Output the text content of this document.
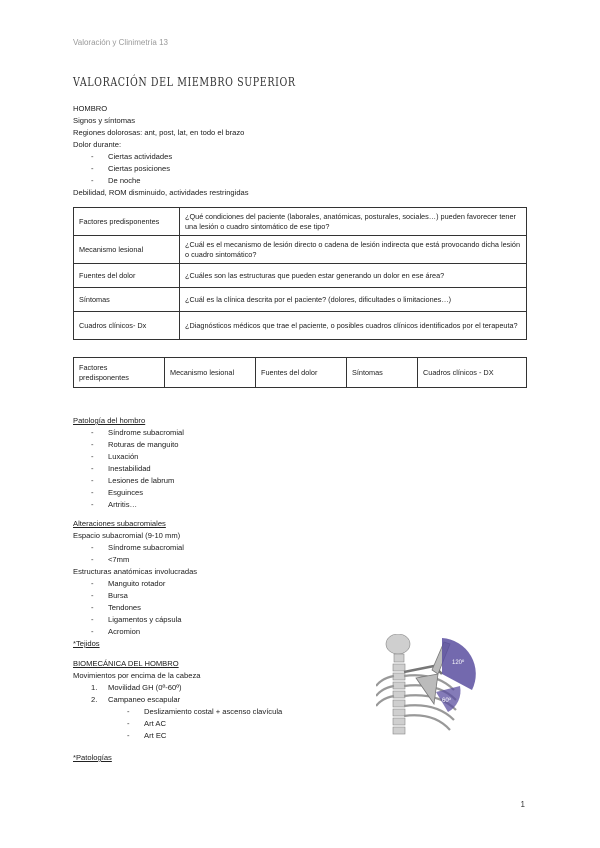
Valoración y Clinimetría 13
VALORACIÓN DEL MIEMBRO SUPERIOR
HOMBRO
Signos y síntomas
Regiones dolorosas: ant, post, lat, en todo el brazo
Dolor durante:
- Ciertas actividades
- Ciertas posiciones
- De noche
Debilidad, ROM disminuido, actividades restringidas
Factores predisponentes	¿Qué condiciones del paciente (laborales, anatómicas, posturales, sociales…) pueden favorecer tener una lesión o cuadro sintomático de ese tipo?
Mecanismo lesional	¿Cuál es el mecanismo de lesión directo o cadena de lesión indirecta que está provocando dicha lesión o cuadro sintomático?
Fuentes del dolor	¿Cuáles son las estructuras que pueden estar generando un dolor en ese área?
Síntomas	¿Cuál es la clínica descrita por el paciente? (dolores, dificultades o limitaciones…)
Cuadros clínicos- Dx	¿Diagnósticos médicos que trae el paciente, o posibles cuadros clínicos identificados por el terapeuta?
Factores predisponentes	Mecanismo lesional	Fuentes del dolor	Síntomas	Cuadros clínicos - DX
Patología del hombro
- Síndrome subacromial
- Roturas de manguito
- Luxación
- Inestabilidad
- Lesiones de labrum
- Esguinces
- Artritis…
Alteraciones subacromiales
Espacio subacromial (9-10 mm)
- Síndrome subacromial
- <7mm
Estructuras anatómicas involucradas
- Manguito rotador
- Bursa
- Tendones
- Ligamentos y cápsula
- Acromion
*Tejidos
BIOMECÁNICA DEL HOMBRO
Movimientos por encima de la cabeza
1. Movilidad GH (0º-60º)
2. Campaneo escapular
- Deslizamiento costal + ascenso clavícula
- Art AC
- Art EC
*Patologías
120º
60º
1
